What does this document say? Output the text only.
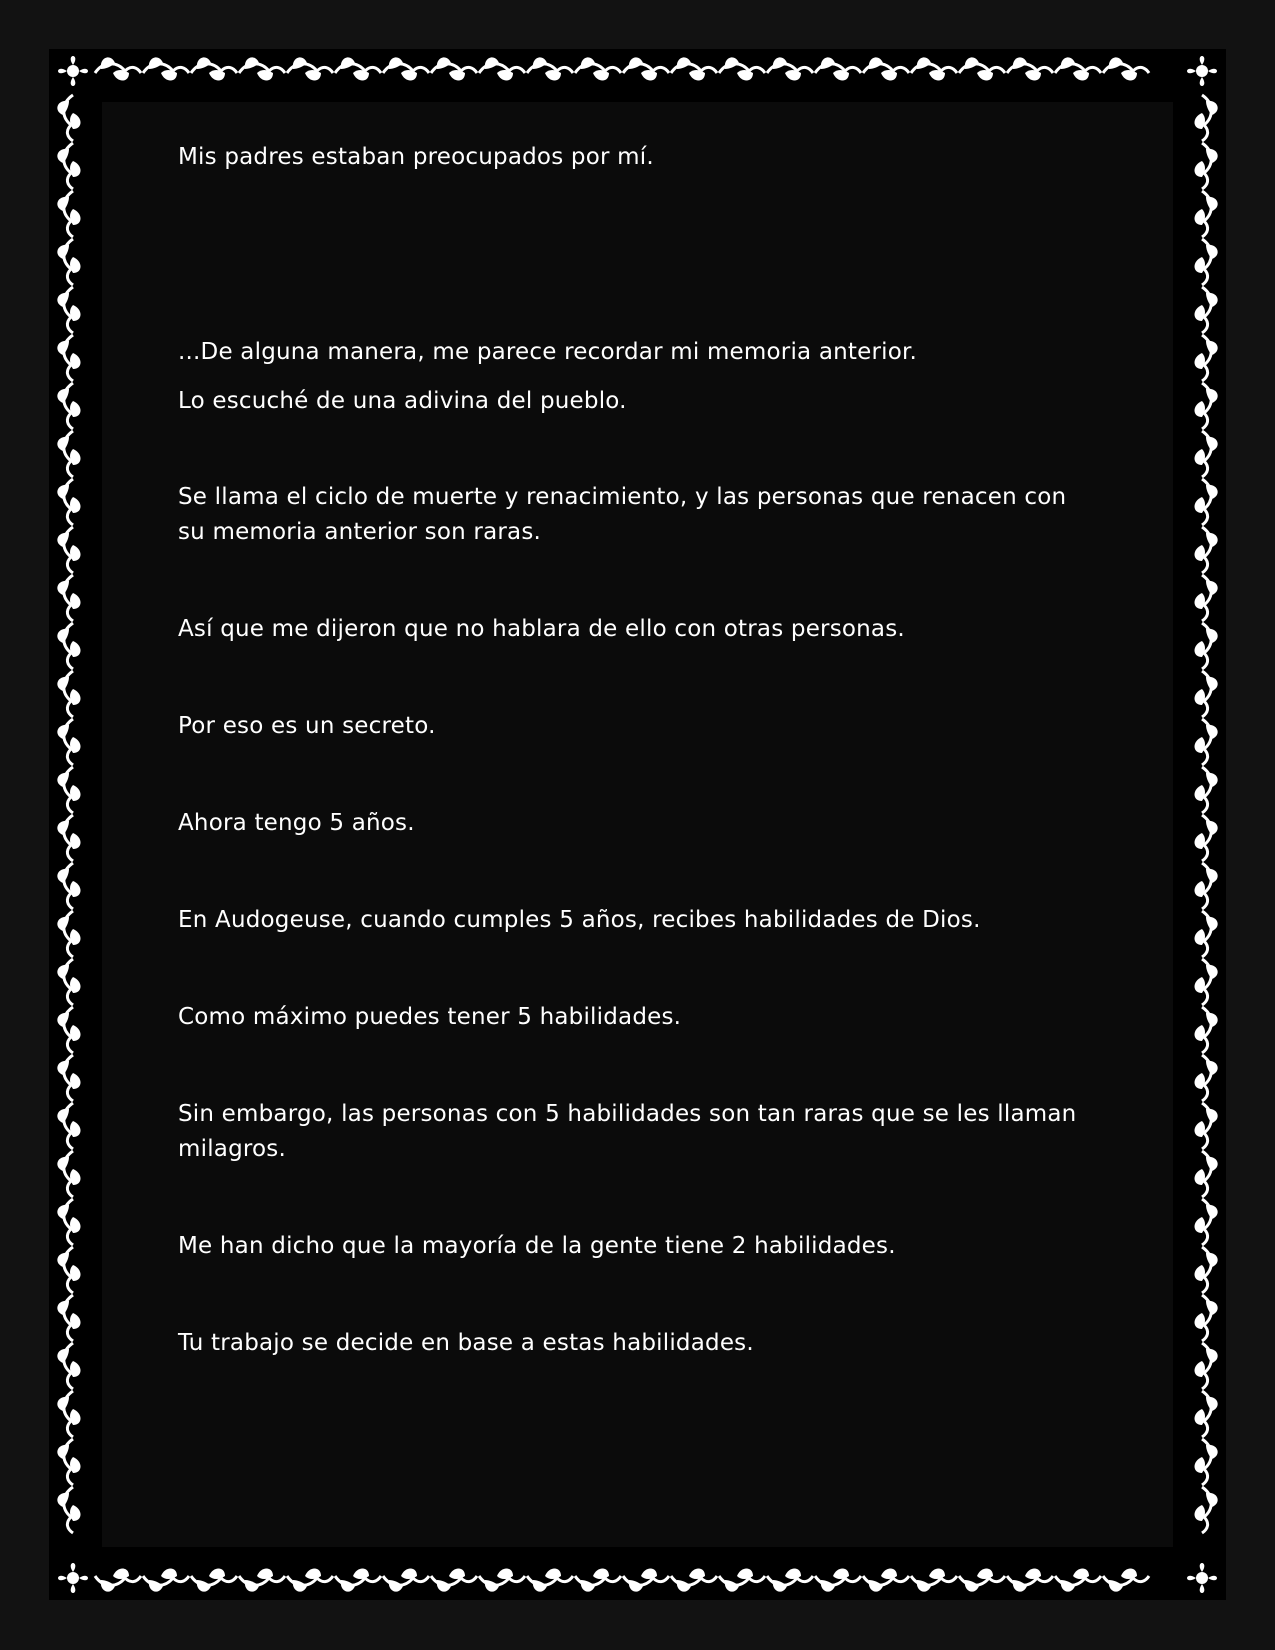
Mis padres estaban preocupados por mí.
...De alguna manera, me parece recordar mi memoria anterior.
Lo escuché de una adivina del pueblo.
Se llama el ciclo de muerte y renacimiento, y las personas que renacen con su memoria anterior son raras.
Así que me dijeron que no hablara de ello con otras personas.
Por eso es un secreto.
Ahora tengo 5 años.
En Audogeuse, cuando cumples 5 años, recibes habilidades de Dios.
Como máximo puedes tener 5 habilidades.
Sin embargo, las personas con 5 habilidades son tan raras que se les llaman milagros.
Me han dicho que la mayoría de la gente tiene 2 habilidades.
Tu trabajo se decide en base a estas habilidades.
